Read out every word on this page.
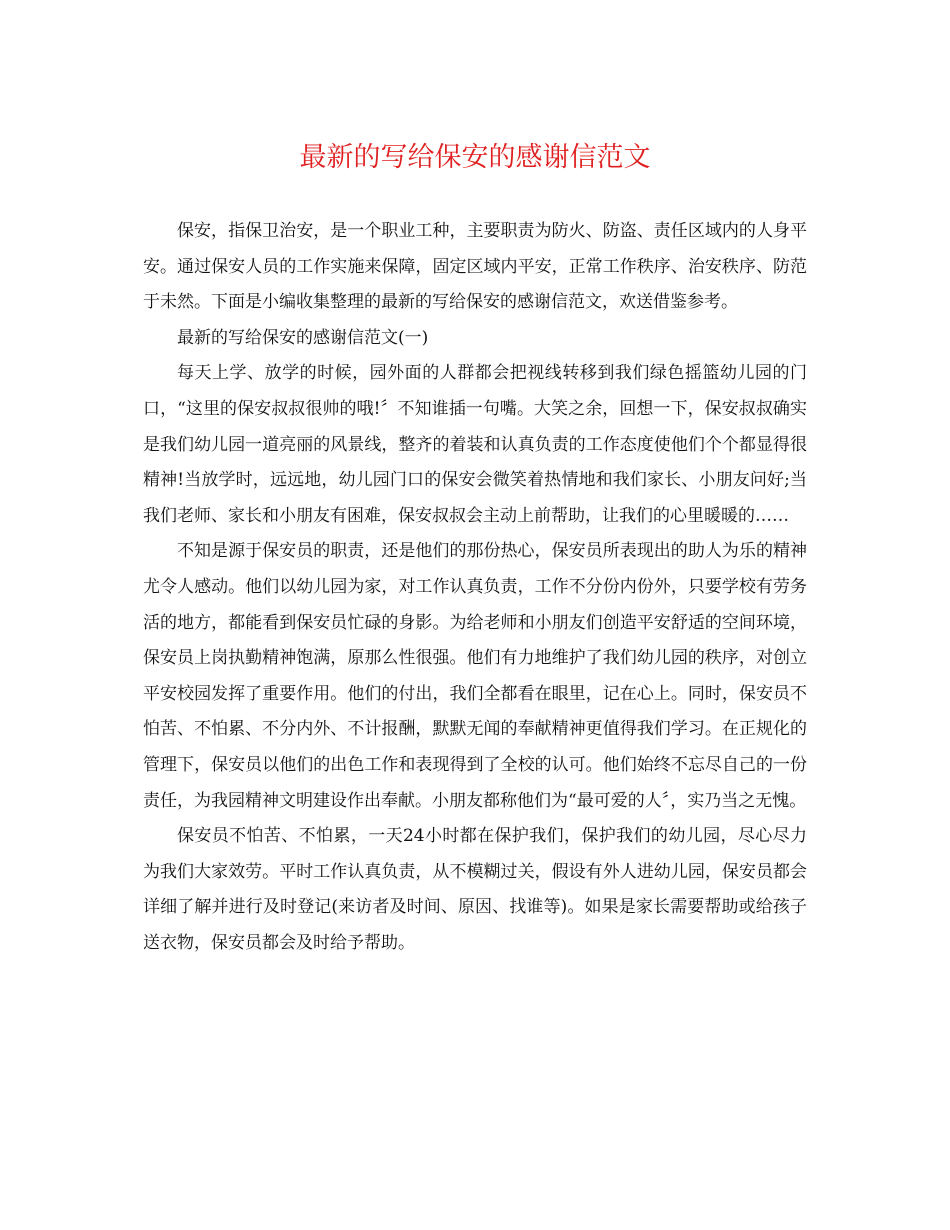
最新的写给保安的感谢信范文

保安，指保卫治安，是一个职业工种，主要职责为防火、防盗、责任区域内的人身平安。通过保安人员的工作实施来保障，固定区域内平安，正常工作秩序、治安秩序、防范于未然。下面是小编收集整理的最新的写给保安的感谢信范文，欢送借鉴参考。

最新的写给保安的感谢信范文(一)

每天上学、放学的时候，园外面的人群都会把视线转移到我们绿色摇篮幼儿园的门口，“这里的保安叔叔很帅的哦!〞不知谁插一句嘴。大笑之余，回想一下，保安叔叔确实是我们幼儿园一道亮丽的风景线，整齐的着装和认真负责的工作态度使他们个个都显得很精神!当放学时，远远地，幼儿园门口的保安会微笑着热情地和我们家长、小朋友问好;当我们老师、家长和小朋友有困难，保安叔叔会主动上前帮助，让我们的心里暖暖的……

不知是源于保安员的职责，还是他们的那份热心，保安员所表现出的助人为乐的精神尤令人感动。他们以幼儿园为家，对工作认真负责，工作不分份内份外，只要学校有劳务活的地方，都能看到保安员忙碌的身影。为给老师和小朋友们创造平安舒适的空间环境，保安员上岗执勤精神饱满，原那么性很强。他们有力地维护了我们幼儿园的秩序，对创立平安校园发挥了重要作用。他们的付出，我们全都看在眼里，记在心上。同时，保安员不怕苦、不怕累、不分内外、不计报酬，默默无闻的奉献精神更值得我们学习。在正规化的管理下，保安员以他们的出色工作和表现得到了全校的认可。他们始终不忘尽自己的一份责任，为我园精神文明建设作出奉献。小朋友都称他们为“最可爱的人〞，实乃当之无愧。

保安员不怕苦、不怕累，一天24小时都在保护我们，保护我们的幼儿园，尽心尽力为我们大家效劳。平时工作认真负责，从不模糊过关，假设有外人进幼儿园，保安员都会详细了解并进行及时登记(来访者及时间、原因、找谁等)。如果是家长需要帮助或给孩子送衣物，保安员都会及时给予帮助。
